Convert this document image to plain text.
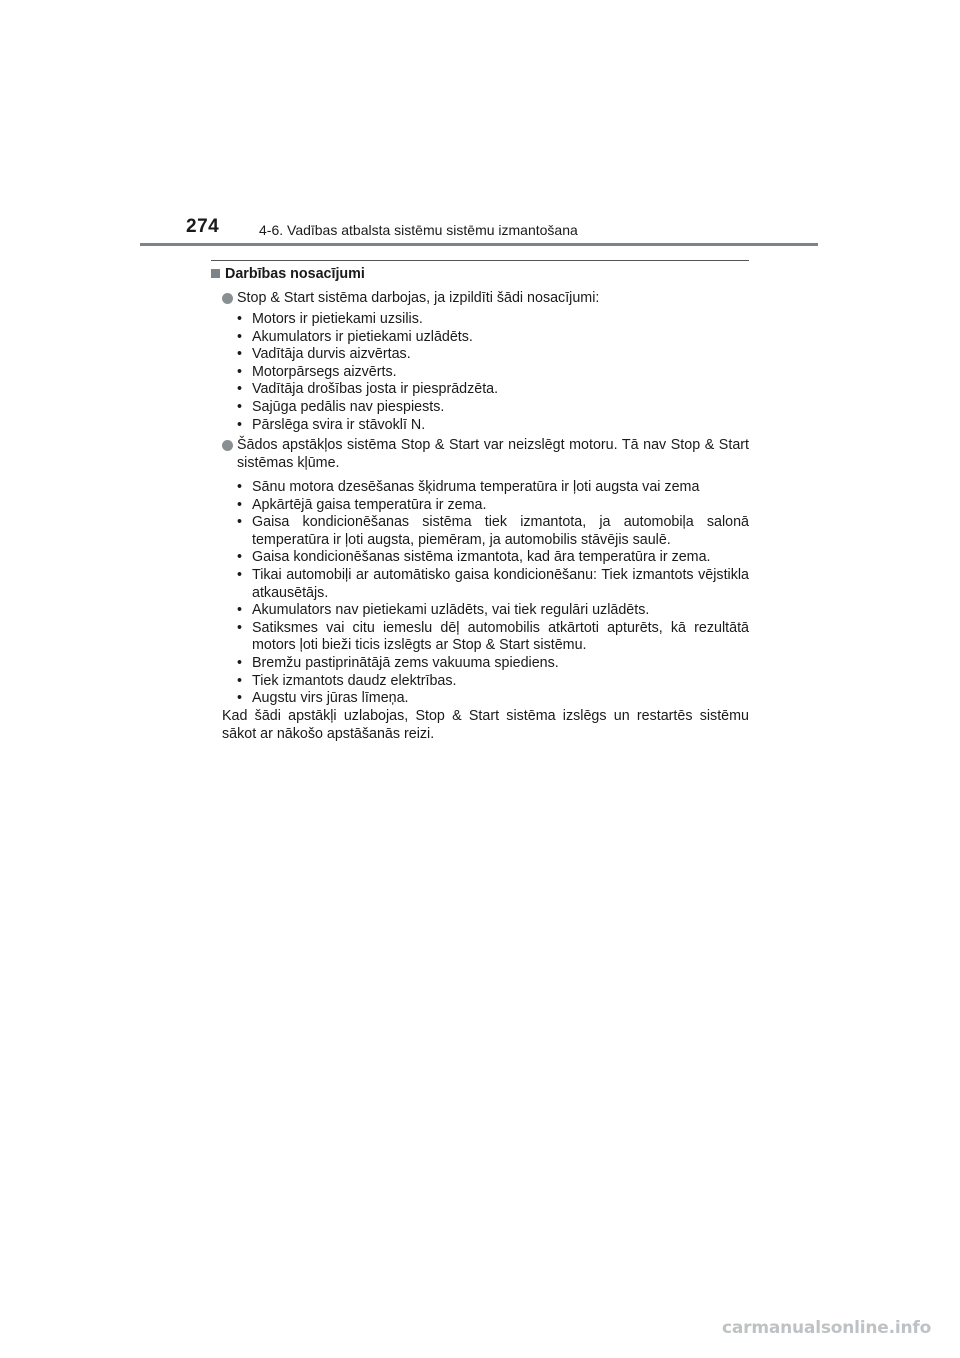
274	4-6. Vadības atbalsta sistēmu sistēmu izmantošana
Darbības nosacījumi
Stop & Start sistēma darbojas, ja izpildīti šādi nosacījumi:
• Motors ir pietiekami uzsilis.
• Akumulators ir pietiekami uzlādēts.
• Vadītāja durvis aizvērtas.
• Motorpārsegs aizvērts.
• Vadītāja drošības josta ir piesprādzēta.
• Sajūga pedālis nav piespiests.
• Pārslēga svira ir stāvoklī N.
Šādos apstākļos sistēma Stop & Start var neizslēgt motoru. Tā nav Stop & Start sistēmas kļūme.
• Sānu motora dzesēšanas šķidruma temperatūra ir ļoti augsta vai zema
• Apkārtējā gaisa temperatūra ir zema.
• Gaisa kondicionēšanas sistēma tiek izmantota, ja automobiļa salonā temperatūra ir ļoti augsta, piemēram, ja automobilis stāvējis saulē.
• Gaisa kondicionēšanas sistēma izmantota, kad āra temperatūra ir zema.
• Tikai automobiļi ar automātisko gaisa kondicionēšanu: Tiek izmantots vējstikla atkausētājs.
• Akumulators nav pietiekami uzlādēts, vai tiek regulāri uzlādēts.
• Satiksmes vai citu iemeslu dēļ automobilis atkārtoti apturēts, kā rezultātā motors ļoti bieži ticis izslēgts ar Stop & Start sistēmu.
• Bremžu pastiprinātājā zems vakuuma spiediens.
• Tiek izmantots daudz elektrības.
• Augstu virs jūras līmeņa.
Kad šādi apstākļi uzlabojas, Stop & Start sistēma izslēgs un restartēs sistēmu sākot ar nākošo apstāšanās reizi.
carmanualsonline.info
